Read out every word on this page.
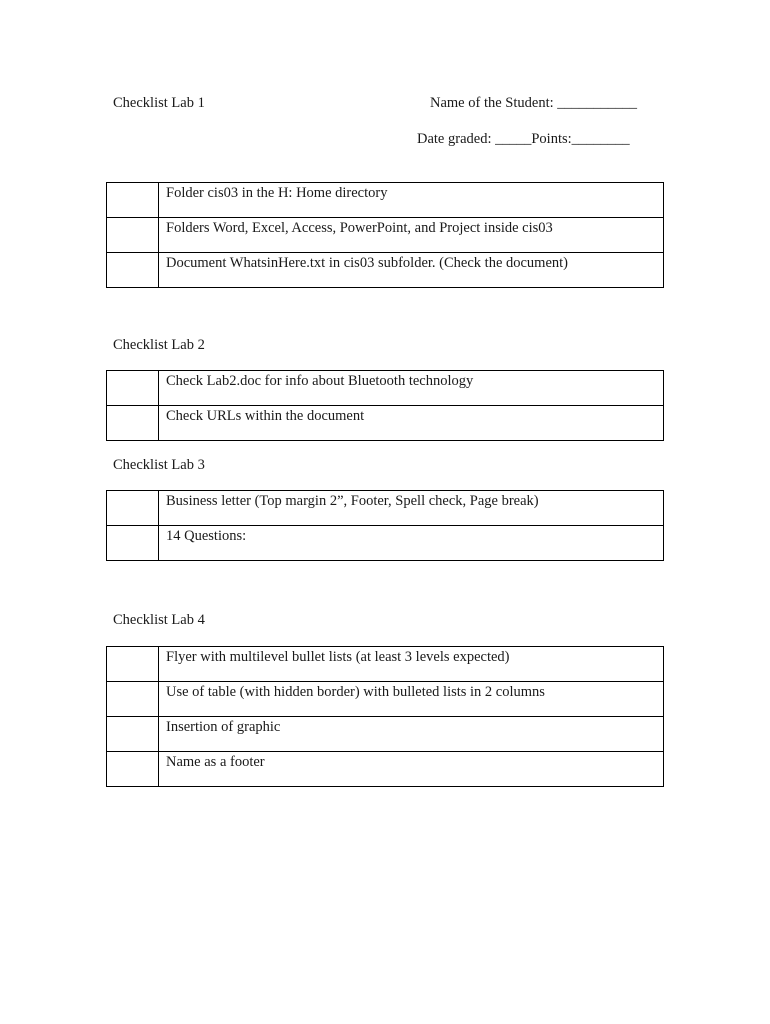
Checklist Lab 1	Name of the Student: ___________
Date graded: _____Points:________
	Folder cis03 in the H: Home directory
	Folders Word, Excel, Access, PowerPoint, and Project inside cis03
	Document WhatsinHere.txt in cis03 subfolder. (Check the document)
Checklist Lab 2
	Check Lab2.doc for info about Bluetooth technology
	Check URLs within the document
Checklist Lab 3
	Business letter (Top margin 2”, Footer, Spell check, Page break)
	14 Questions:
Checklist Lab 4
	Flyer with multilevel bullet lists (at least 3 levels expected)
	Use of table (with hidden border) with bulleted lists in 2 columns
	Insertion of graphic
	Name as a footer
